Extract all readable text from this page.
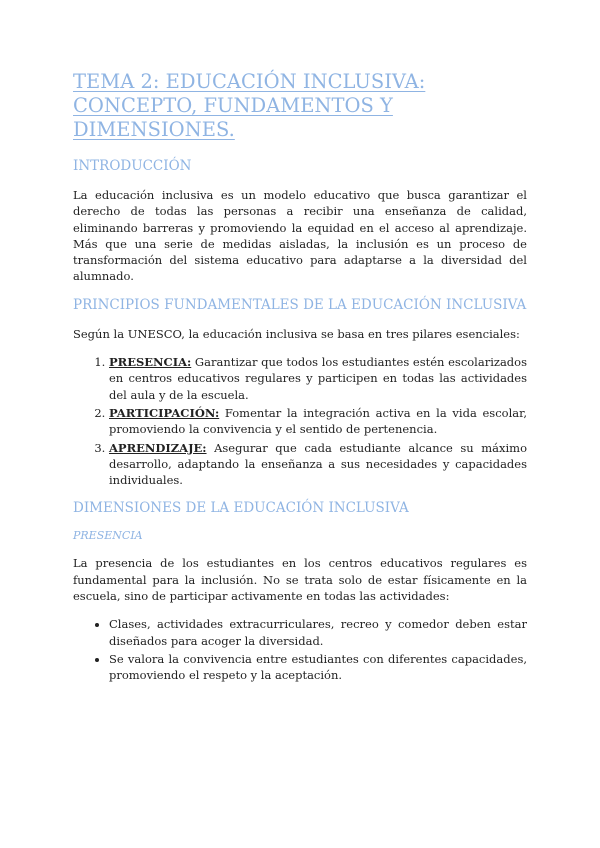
TEMA 2: EDUCACIÓN INCLUSIVA: CONCEPTO, FUNDAMENTOS Y DIMENSIONES.
INTRODUCCIÓN

La educación inclusiva es un modelo educativo que busca garantizar el derecho de todas las personas a recibir una enseñanza de calidad, eliminando barreras y promoviendo la equidad en el acceso al aprendizaje. Más que una serie de medidas aisladas, la inclusión es un proceso de transformación del sistema educativo para adaptarse a la diversidad del alumnado.

PRINCIPIOS FUNDAMENTALES DE LA EDUCACIÓN INCLUSIVA

Según la UNESCO, la educación inclusiva se basa en tres pilares esenciales:

1. PRESENCIA: Garantizar que todos los estudiantes estén escolarizados en centros educativos regulares y participen en todas las actividades del aula y de la escuela.
2. PARTICIPACIÓN: Fomentar la integración activa en la vida escolar, promoviendo la convivencia y el sentido de pertenencia.
3. APRENDIZAJE: Asegurar que cada estudiante alcance su máximo desarrollo, adaptando la enseñanza a sus necesidades y capacidades individuales.
DIMENSIONES DE LA EDUCACIÓN INCLUSIVA
PRESENCIA

La presencia de los estudiantes en los centros educativos regulares es fundamental para la inclusión. No se trata solo de estar físicamente en la escuela, sino de participar activamente en todas las actividades:

• Clases, actividades extracurriculares, recreo y comedor deben estar diseñados para acoger la diversidad.
• Se valora la convivencia entre estudiantes con diferentes capacidades, promoviendo el respeto y la aceptación.
